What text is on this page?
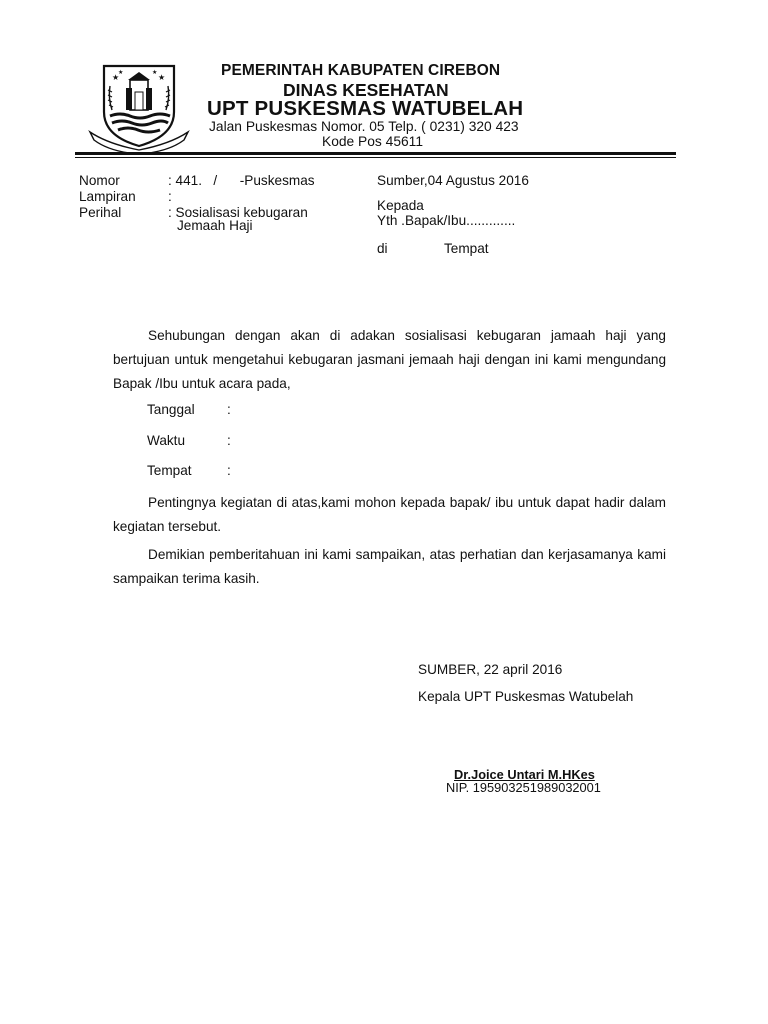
★	★
★	★	PEMERINTAH KABUPATEN CIREBON
DINAS KESEHATAN
UPT PUSKESMAS WATUBELAH
Jalan Puskesmas Nomor. 05 Telp. ( 0231) 320 423
Kode Pos 45611
Nomor	: 441.   /      -Puskesmas
Lampiran :
Perihal	: Sosialisasi kebugaran
Jemaah Haji
Sumber,04 Agustus 2016
Kepada
Yth .Bapak/Ibu.............
di	Tempat
Sehubungan dengan akan di adakan sosialisasi kebugaran jamaah haji yang bertujuan untuk mengetahui kebugaran jasmani jemaah haji dengan ini kami mengundang Bapak /Ibu untuk acara pada,
Tanggal :
Waktu	:
Tempat	:
Pentingnya kegiatan di atas,kami mohon kepada bapak/ ibu untuk dapat hadir dalam kegiatan tersebut.
Demikian pemberitahuan ini kami sampaikan, atas perhatian dan kerjasamanya kami sampaikan terima kasih.
SUMBER, 22 april 2016
Kepala UPT Puskesmas Watubelah
Dr.Joice Untari M.HKes
NIP. 195903251989032001
